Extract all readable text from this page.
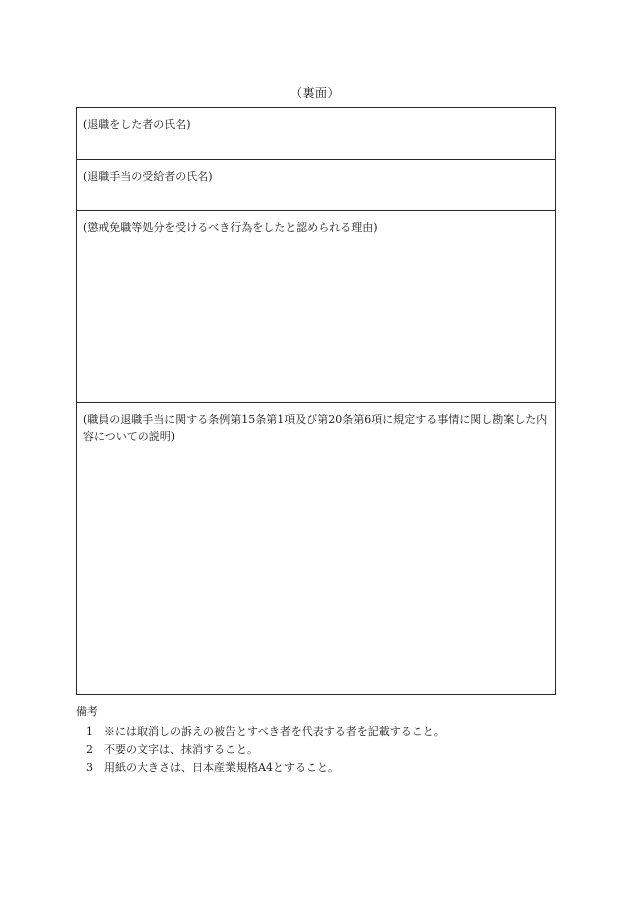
（裏面）
(退職をした者の氏名)
(退職手当の受給者の氏名)
(懲戒免職等処分を受けるべき行為をしたと認められる理由)
(職員の退職手当に関する条例第15条第1項及び第20条第6項に規定する事情に関し勘案した内容についての説明)
備考
1	※には取消しの訴えの被告とすべき者を代表する者を記載すること。
2	不要の文字は、抹消すること。
3	用紙の大きさは、日本産業規格A4とすること。
